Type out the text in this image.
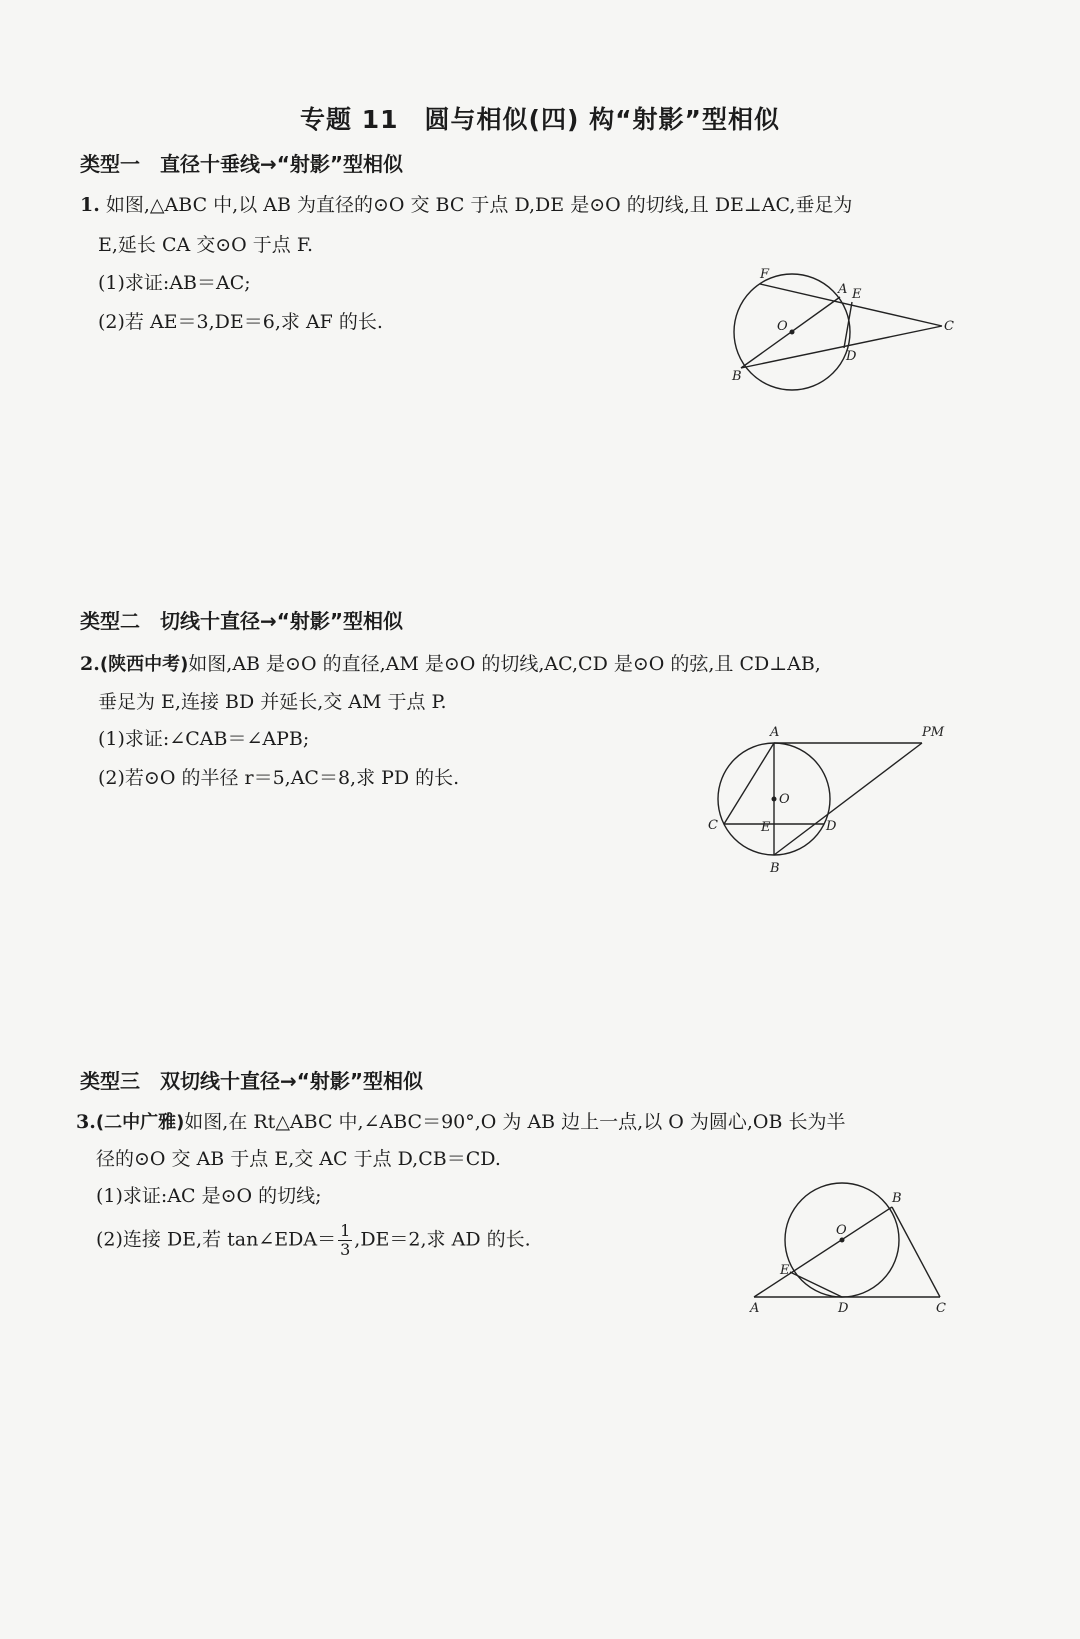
专题 11　圆与相似(四) 构“射影”型相似
类型一 直径十垂线→“射影”型相似
1. 如图,△ABC 中,以 AB 为直径的⊙O 交 BC 于点 D,DE 是⊙O 的切线,且 DE⊥AC,垂足为
E,延长 CA 交⊙O 于点 F.
(1)求证:AB＝AC;
(2)若 AE＝3,DE＝6,求 AF 的长.
F
A E
O	C
D
B
类型二 切线十直径→“射影”型相似
2.(陕西中考)如图,AB 是⊙O 的直径,AM 是⊙O 的切线,AC,CD 是⊙O 的弦,且 CD⊥AB,
垂足为 E,连接 BD 并延长,交 AM 于点 P.
(1)求证:∠CAB＝∠APB;
(2)若⊙O 的半径 r＝5,AC＝8,求 PD 的长.
A	PM
O
C	E	D
B
类型三 双切线十直径→“射影”型相似
3.(二中广雅)如图,在 Rt△ABC 中,∠ABC＝90°,O 为 AB 边上一点,以 O 为圆心,OB 长为半
径的⊙O 交 AB 于点 E,交 AC 于点 D,CB＝CD.
(1)求证:AC 是⊙O 的切线;
(2)连接 DE,若 tan∠EDA＝ $\frac{1}{3} ,DE=2$,求 AD 的长.
B
O
E
A	D	C
